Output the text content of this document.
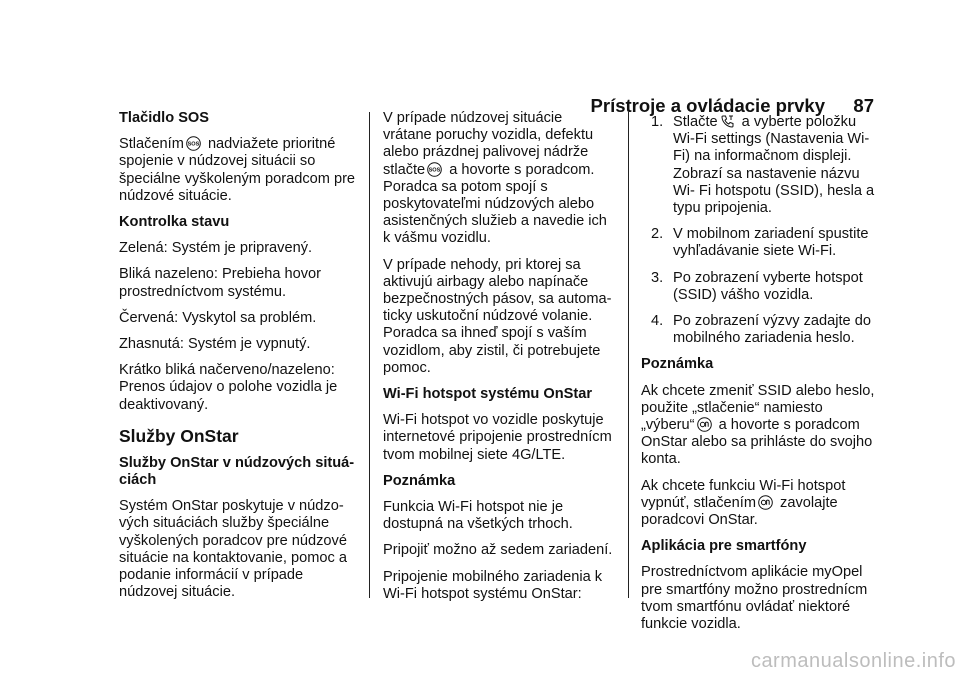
Prístroje a ovládacie prvky	87
Tlačidlo SOS

Stlačením SOS nadviažete prioritné spojenie v núdzovej situácii so špeciálne vyškoleným poradcom pre núdzové situácie.

Kontrolka stavu

Zelená: Systém je pripravený.

Bliká nazeleno: Prebieha hovor prostredníctvom systému.

Červená: Vyskytol sa problém.

Zhasnutá: Systém je vypnutý.

Krátko bliká načerveno/nazeleno: Prenos údajov o polohe vozidla je deaktivovaný.

Služby OnStar
Služby OnStar v núdzových situá-ciách

Systém OnStar poskytuje v núdzo-vých situáciách služby špeciálne vyškolených poradcov pre núdzové situácie na kontaktovanie, pomoc a podanie informácií v prípade núdzovej situácie.

V prípade núdzovej situácie vrátane poruchy vozidla, defektu alebo prázdnej palivovej nádrže stlačte SOS a hovorte s poradcom. Poradca sa potom spojí s poskytovateľmi núdzových alebo asistenčných služieb a navedie ich k vášmu vozidlu.

V prípade nehody, pri ktorej sa aktivujú airbagy alebo napínače bezpečnostných pásov, sa automa-ticky uskutoční núdzové volanie. Poradca sa ihneď spojí s vaším vozidlom, aby zistil, či potrebujete pomoc.

Wi-Fi hotspot systému OnStar

Wi-Fi hotspot vo vozidle poskytuje internetové pripojenie prostrednícm tvom mobilnej siete 4G/LTE.

Poznámka

Funkcia Wi-Fi hotspot nie je dostupná na všetkých trhoch.

Pripojiť možno až sedem zariadení.

Pripojenie mobilného zariadenia k Wi-Fi hotspot systému OnStar:

1. Stlačte
a vyberte položku Wi-Fi settings (Nastavenia Wi-Fi) na informačnom displeji. Zobrazí sa nastavenie názvu Wi- Fi hotspotu (SSID), hesla a typu pripojenia.
2. V mobilnom zariadení spustite vyhľadávanie siete Wi-Fi.
3. Po zobrazení vyberte hotspot (SSID) vášho vozidla.
4. Po zobrazení výzvy zadajte do mobilného zariadenia heslo.
Poznámka

Ak chcete zmeniť SSID alebo heslo, použite „stlačenie“ namiesto „výberu“
a hovorte s poradcom OnStar alebo sa prihláste do svojho konta.

Ak chcete funkciu Wi-Fi hotspot vypnúť, stlačením
zavolajte poradcovi OnStar.

Aplikácia pre smartfóny

Prostredníctvom aplikácie myOpel pre smartfóny možno prostrednícm tvom smartfónu ovládať niektoré funkcie vozidla.

carmanualsonline.info
